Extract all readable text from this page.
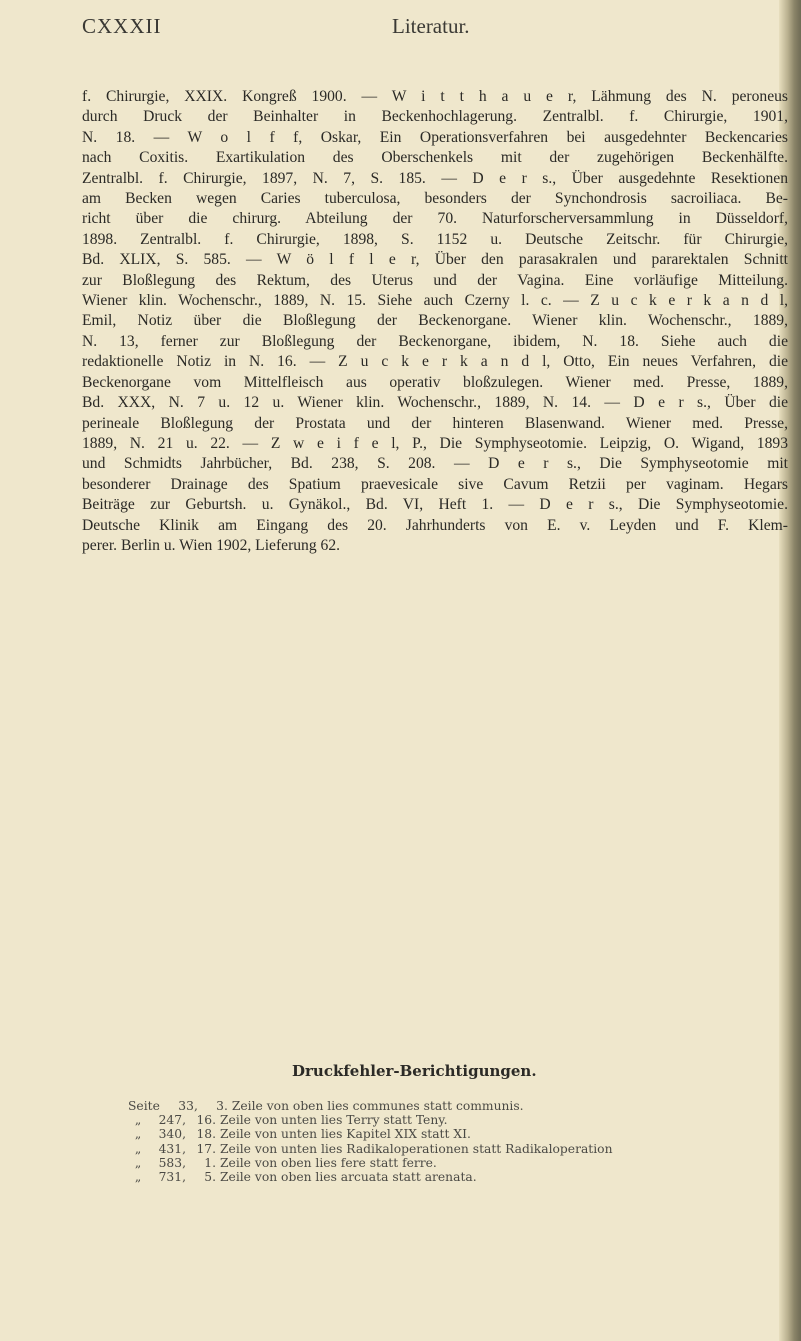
CXXXII	Literatur.
f. Chirurgie, XXIX. Kongreß 1900. — W i t t h a u e r, Lähmung des N. peroneus
durch Druck der Beinhalter in Beckenhochlagerung. Zentralbl. f. Chirurgie, 1901,
N. 18. — W o l f f, Oskar, Ein Operationsverfahren bei ausgedehnter Beckencaries
nach Coxitis. Exartikulation des Oberschenkels mit der zugehörigen Beckenhälfte.
Zentralbl. f. Chirurgie, 1897, N. 7, S. 185. — D e r s., Über ausgedehnte Resektionen
am Becken wegen Caries tuberculosa, besonders der Synchondrosis sacroiliaca. Be-
richt über die chirurg. Abteilung der 70. Naturforscherversammlung in Düsseldorf,
1898. Zentralbl. f. Chirurgie, 1898, S. 1152 u. Deutsche Zeitschr. für Chirurgie,
Bd. XLIX, S. 585. — W ö l f l e r, Über den parasakralen und pararektalen Schnitt
zur Bloßlegung des Rektum, des Uterus und der Vagina. Eine vorläufige Mitteilung.
Wiener klin. Wochenschr., 1889, N. 15. Siehe auch Czerny l. c. — Z u c k e r k a n d l,
Emil, Notiz über die Bloßlegung der Beckenorgane. Wiener klin. Wochenschr., 1889,
N. 13, ferner zur Bloßlegung der Beckenorgane, ibidem, N. 18. Siehe auch die
redaktionelle Notiz in N. 16. — Z u c k e r k a n d l, Otto, Ein neues Verfahren, die
Beckenorgane vom Mittelfleisch aus operativ bloßzulegen. Wiener med. Presse, 1889,
Bd. XXX, N. 7 u. 12 u. Wiener klin. Wochenschr., 1889, N. 14. — D e r s., Über die
perineale Bloßlegung der Prostata und der hinteren Blasenwand. Wiener med. Presse,
1889, N. 21 u. 22. — Z w e i f e l, P., Die Symphyseotomie. Leipzig, O. Wigand, 1893
und Schmidts Jahrbücher, Bd. 238, S. 208. — D e r s., Die Symphyseotomie mit
besonderer Drainage des Spatium praevesicale sive Cavum Retzii per vaginam. Hegars
Beiträge zur Geburtsh. u. Gynäkol., Bd. VI, Heft 1. — D e r s., Die Symphyseotomie.
Deutsche Klinik am Eingang des 20. Jahrhunderts von E. v. Leyden und F. Klem-
perer. Berlin u. Wien 1902, Lieferung 62.
Druckfehler-Berichtigungen.
Seite	33,	3. Zeile von oben lies communes statt communis.
„	247, 16. Zeile von unten lies Terry statt Teny.
„	340, 18. Zeile von unten lies Kapitel XIX statt XI.
„	431, 17. Zeile von unten lies Radikaloperationen statt Radikaloperation
„	583,	1. Zeile von oben lies fere statt ferre.
„	731,	5. Zeile von oben lies arcuata statt arenata.
